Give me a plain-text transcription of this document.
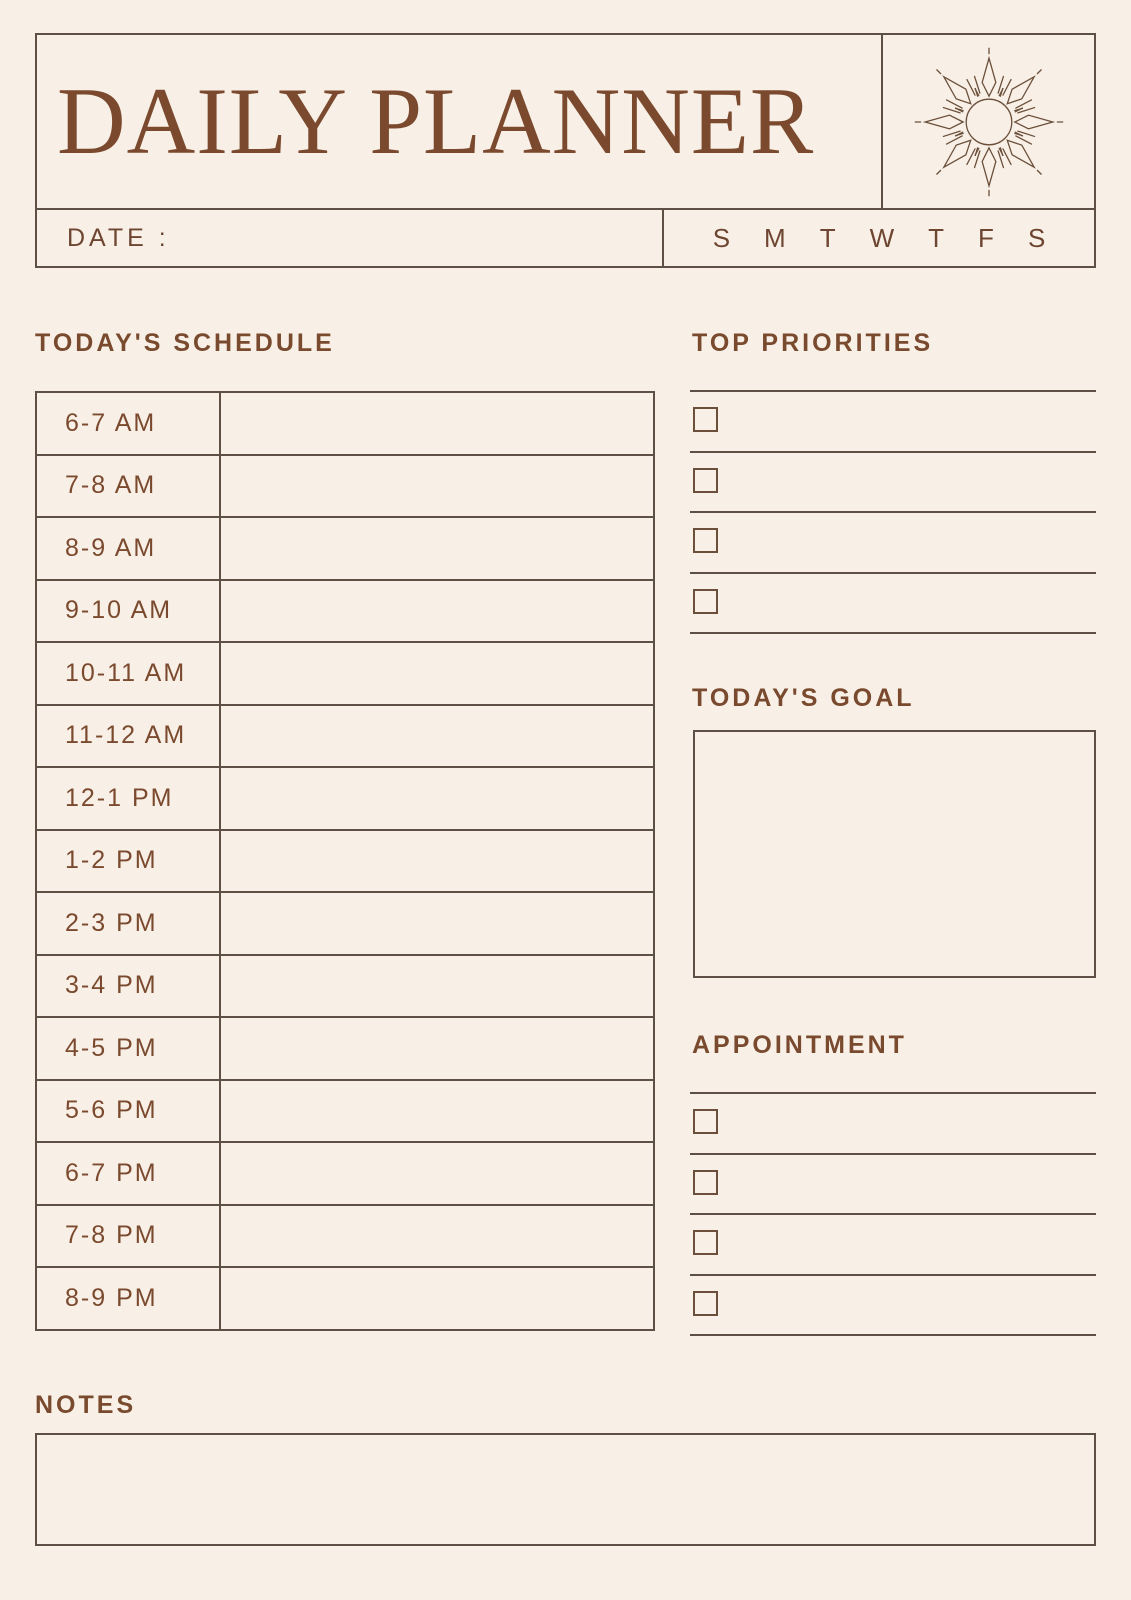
DAILY PLANNER
DATE :	S M T W T F S
TODAY'S SCHEDULE	TOP PRIORITIES
TODAY'S GOAL
APPOINTMENT
NOTES
6-7 AM
7-8 AM
8-9 AM
9-10 AM
10-11 AM
11-12 AM
12-1 PM
1-2 PM
2-3 PM
3-4 PM
4-5 PM
5-6 PM
6-7 PM
7-8 PM
8-9 PM
